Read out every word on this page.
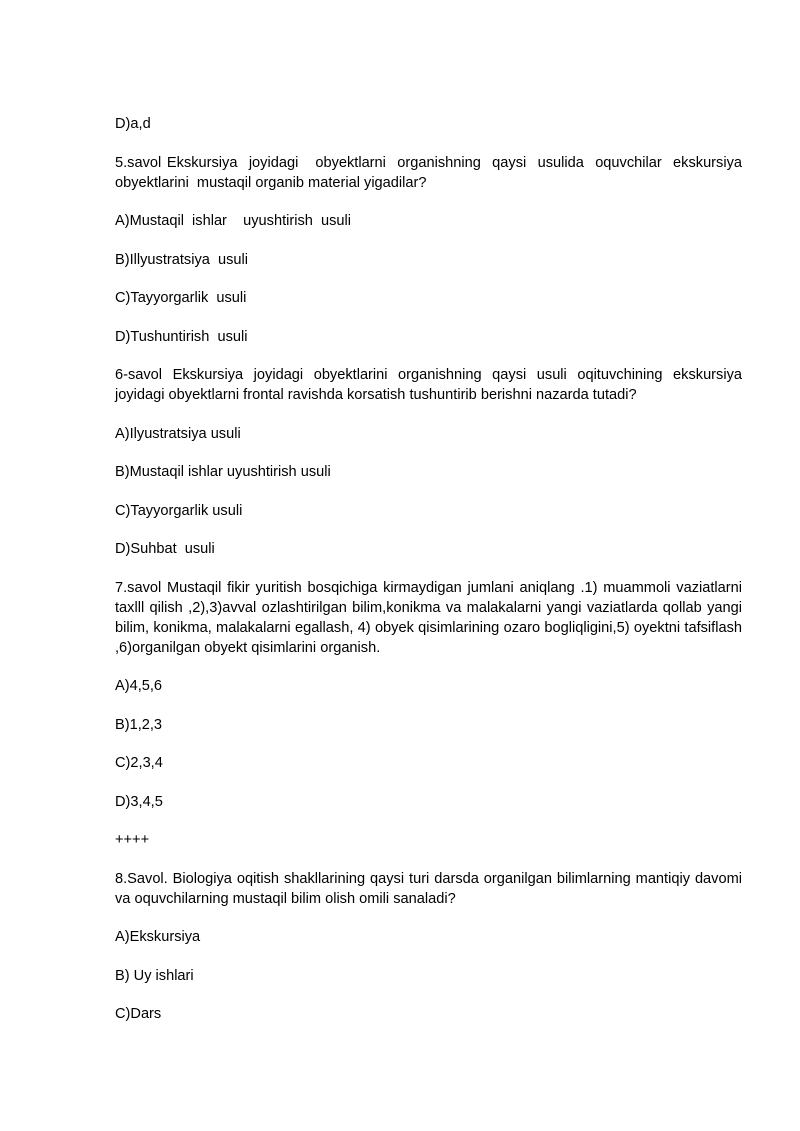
D)a,d

5.savol Ekskursiya  joyidagi   obyektlarni  organishning  qaysi  usulida  oquvchilar  ekskursiya obyektlarini  mustaqil organib material yigadilar?

A)Mustaqil  ishlar    uyushtirish  usuli

B)Illyustratsiya  usuli

C)Tayyorgarlik  usuli

D)Tushuntirish  usuli

6-savol Ekskursiya joyidagi obyektlarini organishning qaysi usuli oqituvchining ekskursiya joyidagi obyektlarni frontal ravishda korsatish tushuntirib berishni nazarda tutadi?

A)Ilyustratsiya usuli

B)Mustaqil ishlar uyushtirish usuli

C)Tayyorgarlik usuli

D)Suhbat  usuli

7.savol Mustaqil fikir yuritish bosqichiga kirmaydigan jumlani aniqlang .1) muammoli vaziatlarni taxlll qilish ,2),3)avval ozlashtirilgan bilim,konikma va malakalarni yangi vaziatlarda qollab yangi bilim, konikma, malakalarni egallash, 4) obyek qisimlarining ozaro bogliqligini,5) oyektni tafsiflash ,6)organilgan obyekt qisimlarini organish.

A)4,5,6

B)1,2,3

C)2,3,4

D)3,4,5

++++

8.Savol. Biologiya oqitish shakllarining qaysi turi darsda organilgan bilimlarning mantiqiy davomi va oquvchilarning mustaqil bilim olish omili sanaladi?

A)Ekskursiya

B) Uy ishlari

C)Dars
